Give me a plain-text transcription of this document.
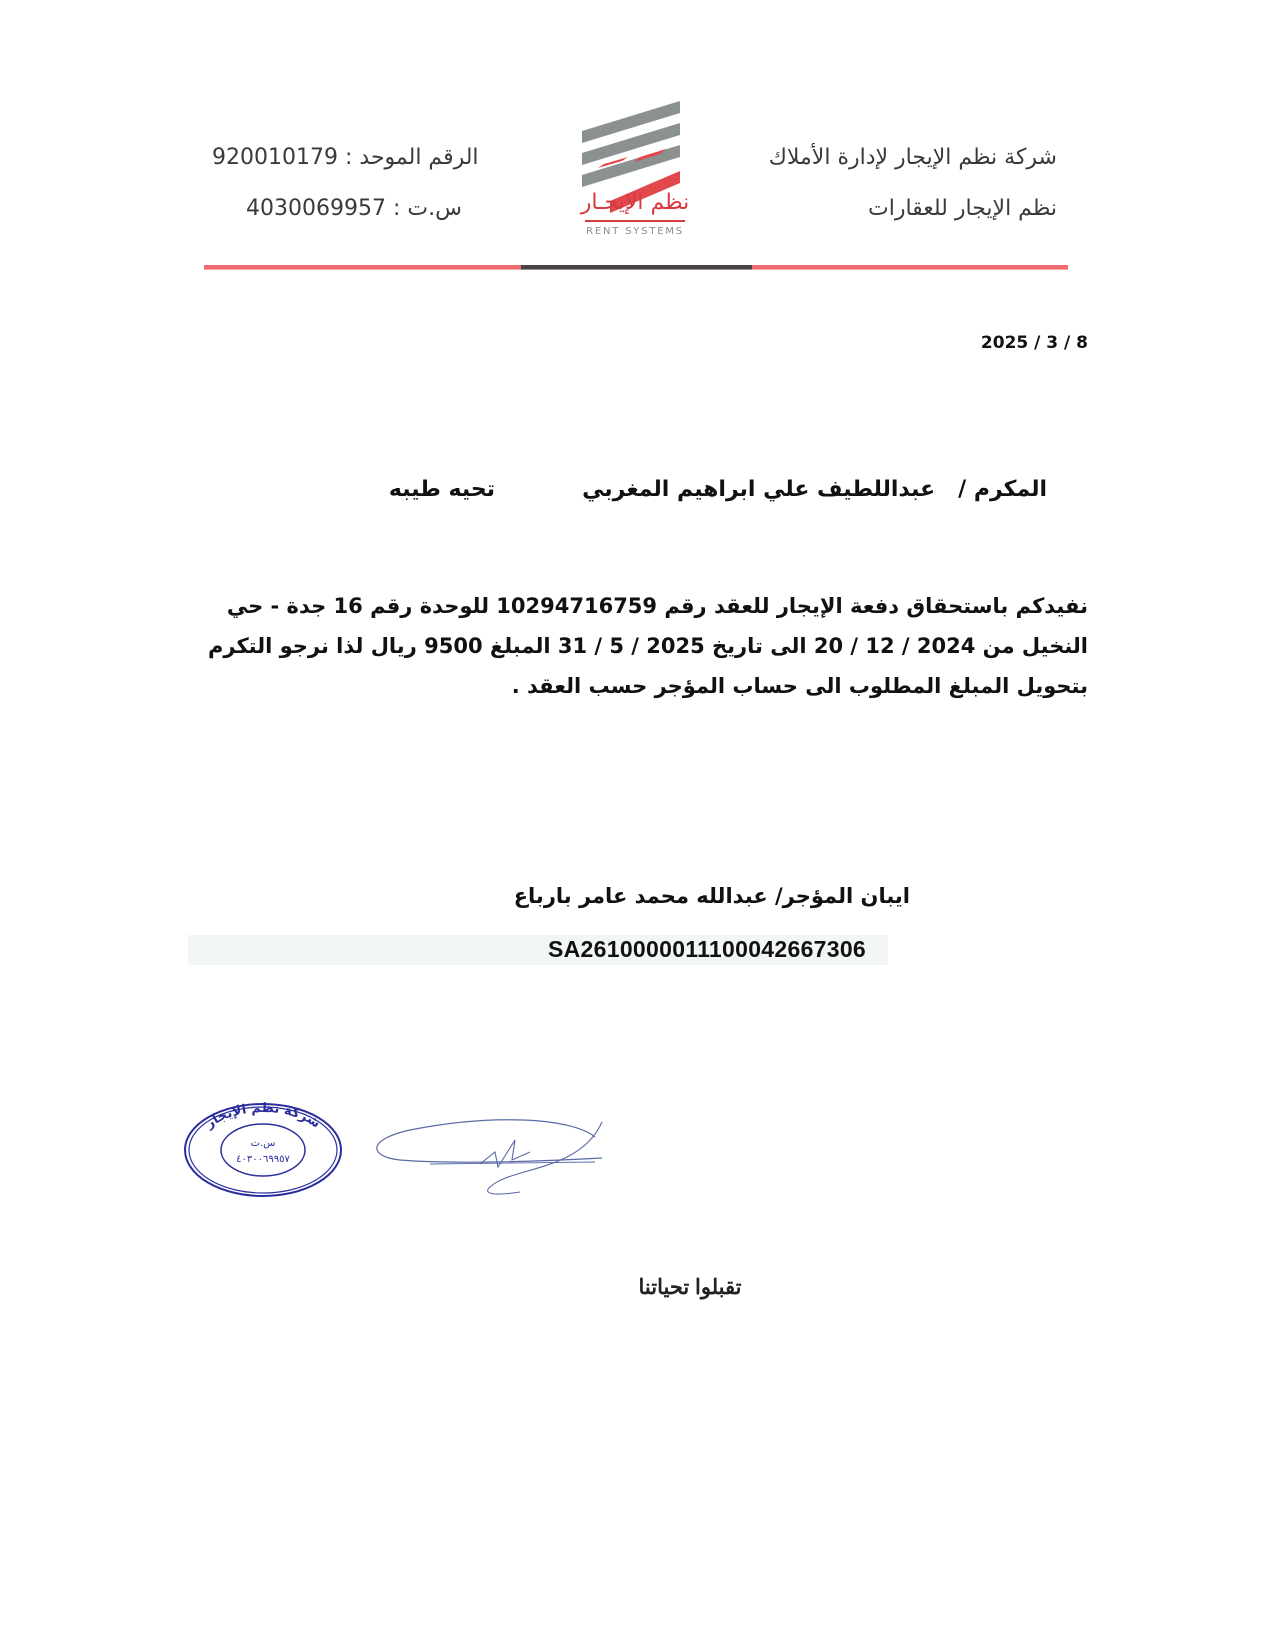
شركة نظم الإيجار لإدارة الأملاك
نظم الإيجار للعقارات
الرقم الموحد : 920010179
س.ت : 4030069957	نظم الإيجـار
RENT SYSTEMS
2025 / 3 / 8
المكرم /   عبداللطيف علي ابراهيم المغربي
تحيه طيبه
نفيدكم باستحقاق دفعة الإيجار للعقد رقم 10294716759 للوحدة رقم 16 جدة - حي النخيل من 20 / 12 / 2024 الى تاريخ 31 / 5 / 2025 المبلغ 9500 ريال لذا نرجو التكرم بتحويل المبلغ المطلوب الى حساب المؤجر حسب العقد .
ايبان المؤجر/ عبدالله محمد عامر بارباع
SA2610000011100042667306
شركة نظم الإيجار
س.ت
٤٠٣٠٠٦٩٩٥٧
تقبلوا تحياتنا
